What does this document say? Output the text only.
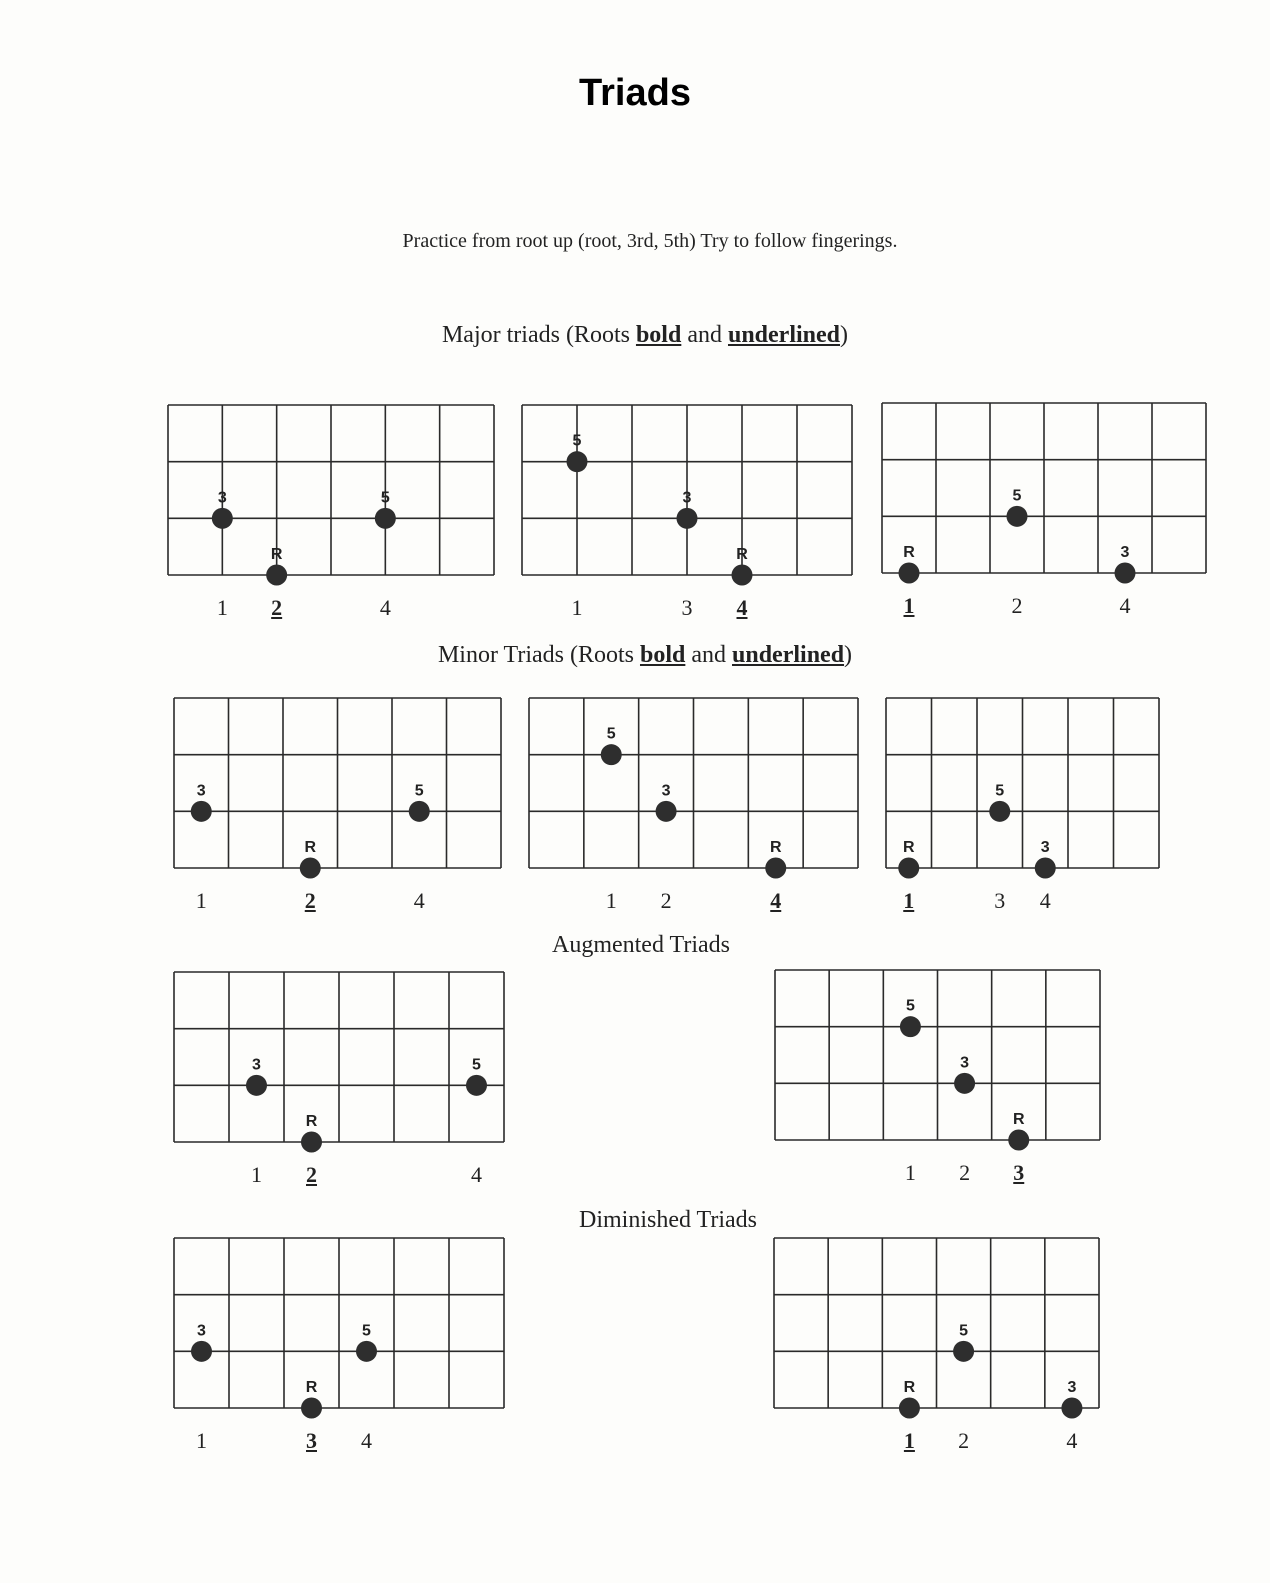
Triads
Practice from root up (root, 3rd, 5th) Try to follow fingerings.
Major triads (Roots bold and underlined)
Minor Triads (Roots bold and underlined)
Augmented Triads
Diminished Triads
3	5
R
1 2	4
5
3
R
1	3 4
R
5
3
1	2	4
3
R
5
1	2	4
5
3
R
1 2	4
R
5
3
1	3 4
3
R
5
1 2	4
5
3
R
1 2 3
3
R
5
1	3 4
R
5
3
1 2	4
